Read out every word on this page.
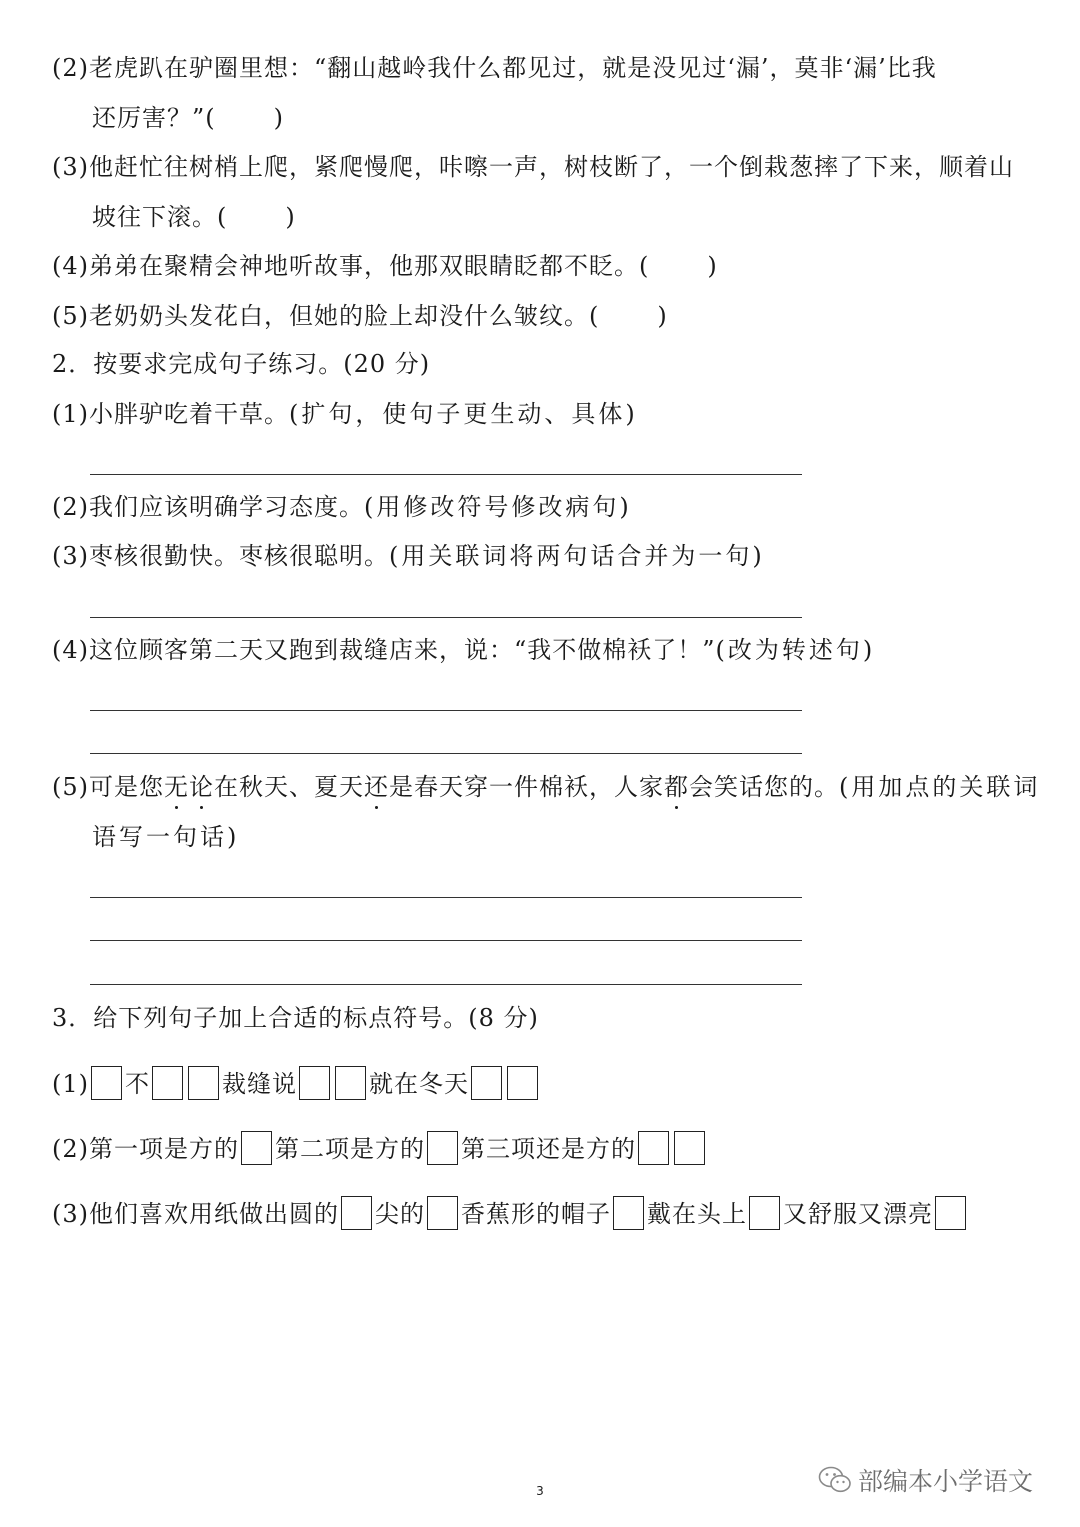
(2)老虎趴在驴圈里想：“翻山越岭我什么都见过，就是没见过‘漏’，莫非‘漏’比我
还厉害？”( )
(3)他赶忙往树梢上爬，紧爬慢爬，咔嚓一声，树枝断了，一个倒栽葱摔了下来，顺着山
坡往下滚。( )
(4)弟弟在聚精会神地听故事，他那双眼睛眨都不眨。( )
(5)老奶奶头发花白，但她的脸上却没什么皱纹。( )
2．按要求完成句子练习。(20 分)
(1)小胖驴吃着干草。(扩句，使句子更生动、具体)
(2)我们应该明确学习态度。(用修改符号修改病句)
(3)枣核很勤快。枣核很聪明。(用关联词将两句话合并为一句)
(4)这位顾客第二天又跑到裁缝店来，说：“我不做棉袄了！”(改为转述句)
(5)可是您无论在秋天、夏天还是春天穿一件棉袄，人家都会笑话您的。(用加点的关联词
语写一句话)
3．给下列句子加上合适的标点符号。(8 分)
(1) 不	裁缝说	就在冬天
(2)第一项是方的 第二项是方的 第三项还是方的
(3)他们喜欢用纸做出圆的 尖的 香蕉形的帽子 戴在头上 又舒服又漂亮
3	部编本小学语文
